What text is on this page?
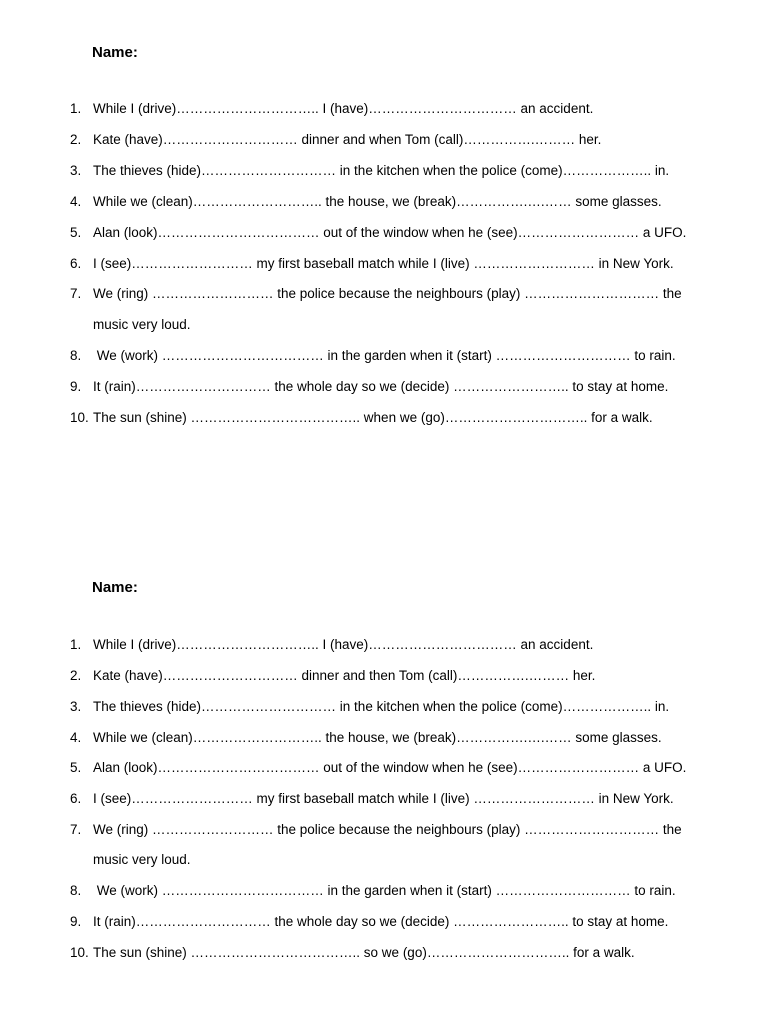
Name:

1. While I (drive)………………………….. I (have)…………………………… an accident.
2. Kate (have)………………………… dinner and when Tom (call)…………….……… her.
3. The thieves (hide)………………………… in the kitchen when the police (come)……………….. in.
4. While we (clean)……………………….. the house, we (break)…………….….…… some glasses.
5. Alan (look)……………………………… out of the window when he (see)……………………… a UFO.
6. I (see)……………………… my first baseball match while I (live) ……………………… in New York.
7. We (ring) ……………………… the police because the neighbours (play) ………………………… the
music very loud.
8. We (work) ……………………………… in the garden when it (start) ………………………… to rain.
9. It (rain)………………………… the whole day so we (decide) …………………….. to stay at home.
10. The sun (shine) ……………………………….. when we (go)………………………….. for a walk.

Name:

1. While I (drive)………………………….. I (have)…………………………… an accident.
2. Kate (have)………………………… dinner and then Tom (call)…………….……… her.
3. The thieves (hide)………………………… in the kitchen when the police (come)……………….. in.
4. While we (clean)……………………….. the house, we (break)…………….….…… some glasses.
5. Alan (look)……………………………… out of the window when he (see)……………………… a UFO.
6. I (see)……………………… my first baseball match while I (live) ……………………… in New York.
7. We (ring) ……………………… the police because the neighbours (play) ………………………… the
music very loud.
8. We (work) ……………………………… in the garden when it (start) ………………………… to rain.
9. It (rain)………………………… the whole day so we (decide) …………………….. to stay at home.
10. The sun (shine) ……………………………….. so we (go)………………………….. for a walk.
